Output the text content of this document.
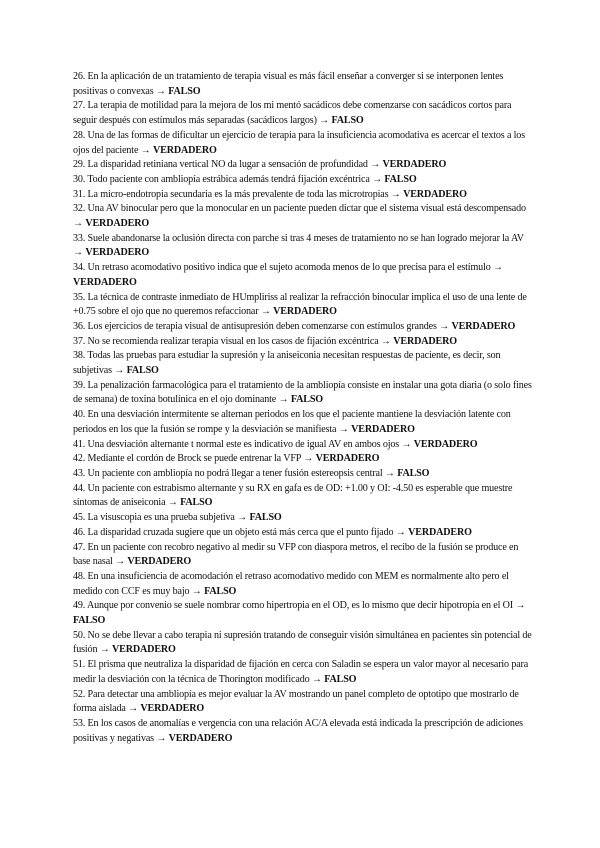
26. En la aplicación de un tratamiento de terapia visual es más fácil enseñar a converger si se interponen lentes positivas o convexas → FALSO

27. La terapia de motilidad para la mejora de los mi mentó sacádicos debe comenzarse con sacádicos cortos para seguir después con estímulos más separadas (sacádicos largos) → FALSO

28. Una de las formas de dificultar un ejercicio de terapia para la insuficiencia acomodativa es acercar el textos a los ojos del paciente → VERDADERO

29. La disparidad retiniana vertical NO da lugar a sensación de profundidad → VERDADERO

30. Todo paciente con ambliopía estrábica además tendrá fijación excéntrica → FALSO

31. La micro-endotropia secundaria es la más prevalente de toda las microtropias → VERDADERO

32. Una AV binocular pero que la monocular en un paciente pueden dictar que el sistema visual está descompensado → VERDADERO

33. Suele abandonarse la oclusión directa con parche si tras 4 meses de tratamiento no se han logrado mejorar la AV → VERDADERO

34. Un retraso acomodativo positivo indica que el sujeto acomoda menos de lo que precisa para el estímulo → VERDADERO

35. La técnica de contraste inmediato de HUmpliriss al realizar la refracción binocular implica el uso de una lente de +0.75 sobre el ojo que no queremos refaccionar → VERDADERO

36. Los ejercicios de terapia visual de antisupresión deben comenzarse con estímulos grandes → VERDADERO

37. No se recomienda realizar terapia visual en los casos de fijación excéntrica → VERDADERO

38. Todas las pruebas para estudiar la supresión y la aniseiconia necesitan respuestas de paciente, es decir, son subjetivas → FALSO

39. La penalización farmacológica para el tratamiento de la ambliopía consiste en instalar una gota diaria (o solo fines de semana) de toxina botulínica en el ojo dominante → FALSO

40. En una desviación intermitente se alternan periodos en los que el paciente mantiene la desviación latente con periodos en los que la fusión se rompe y la desviación se manifiesta → VERDADERO

41. Una desviación alternante t normal este es indicativo de igual AV en ambos ojos → VERDADERO

42. Mediante el cordón de Brock se puede entrenar la VFP → VERDADERO

43. Un paciente con ambliopía no podrá llegar a tener fusión estereopsis central → FALSO

44. Un paciente con estrabismo alternante y su RX en gafa es de OD: +1.00 y OI: -4.50 es esperable que muestre síntomas de aniseiconia → FALSO

45. La visuscopia es una prueba subjetiva → FALSO

46. La disparidad cruzada sugiere que un objeto está más cerca que el punto fijado → VERDADERO

47. En un paciente con recobro negativo al medir su VFP con diaspora metros, el recibo de la fusión se produce en base nasal → VERDADERO

48. En una insuficiencia de acomodación el retraso acomodativo medido con MEM es normalmente alto pero el medido con CCF es muy bajo → FALSO

49. Aunque por convenio se suele nombrar como hipertropia en el OD, es lo mismo que decir hipotropia en el OI → FALSO

50. No se debe llevar a cabo terapia ni supresión tratando de conseguir visión simultánea en pacientes sin potencial de fusión → VERDADERO

51. El prisma que neutraliza la disparidad de fijación en cerca con Saladin se espera un valor mayor al necesario para medir la desviación con la técnica de Thorington modificado → FALSO

52. Para detectar una ambliopía es mejor evaluar la AV mostrando un panel completo de optotipo que mostrarlo de forma aislada → VERDADERO

53. En los casos de anomalías e vergencia con una relación AC/A elevada está indicada la prescripción de adiciones positivas y negativas → VERDADERO
